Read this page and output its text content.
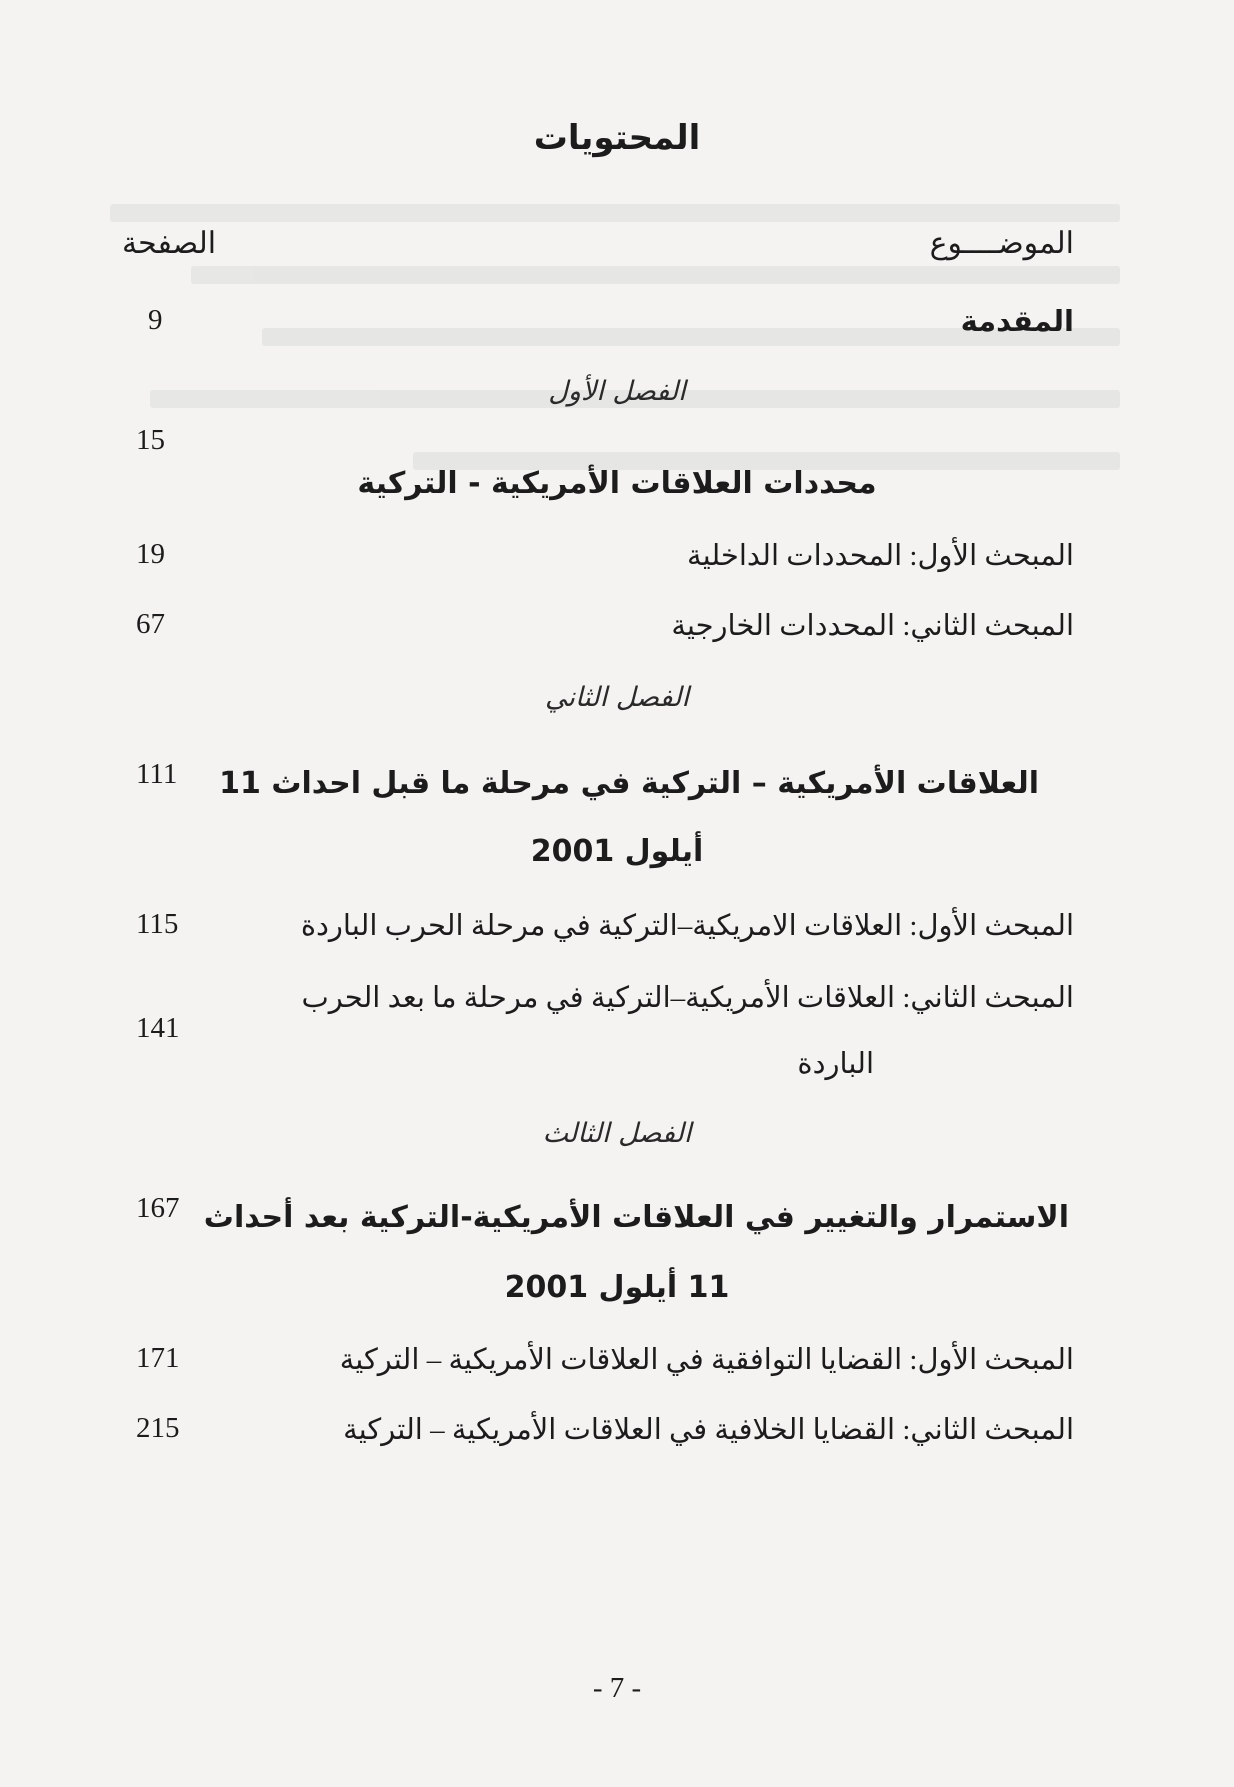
المحتويات
الموضــــوع
الصفحة
المقدمة
9
الفصل الأول
15
محددات العلاقات الأمريكية - التركية
المبحث الأول: المحددات الداخلية
19
المبحث الثاني: المحددات الخارجية
67
الفصل الثاني
111 العلاقات الأمريكية – التركية في مرحلة ما قبل احداث 11
أيلول 2001
المبحث الأول: العلاقات الامريكية–التركية في مرحلة الحرب الباردة
115
المبحث الثاني: العلاقات الأمريكية–التركية في مرحلة ما بعد الحرب
الباردة
141
الفصل الثالث
167 الاستمرار والتغيير في العلاقات الأمريكية-التركية بعد أحداث
11 أيلول 2001
المبحث الأول: القضايا التوافقية في العلاقات الأمريكية – التركية
171
المبحث الثاني: القضايا الخلافية في العلاقات الأمريكية – التركية
215
- 7 -
